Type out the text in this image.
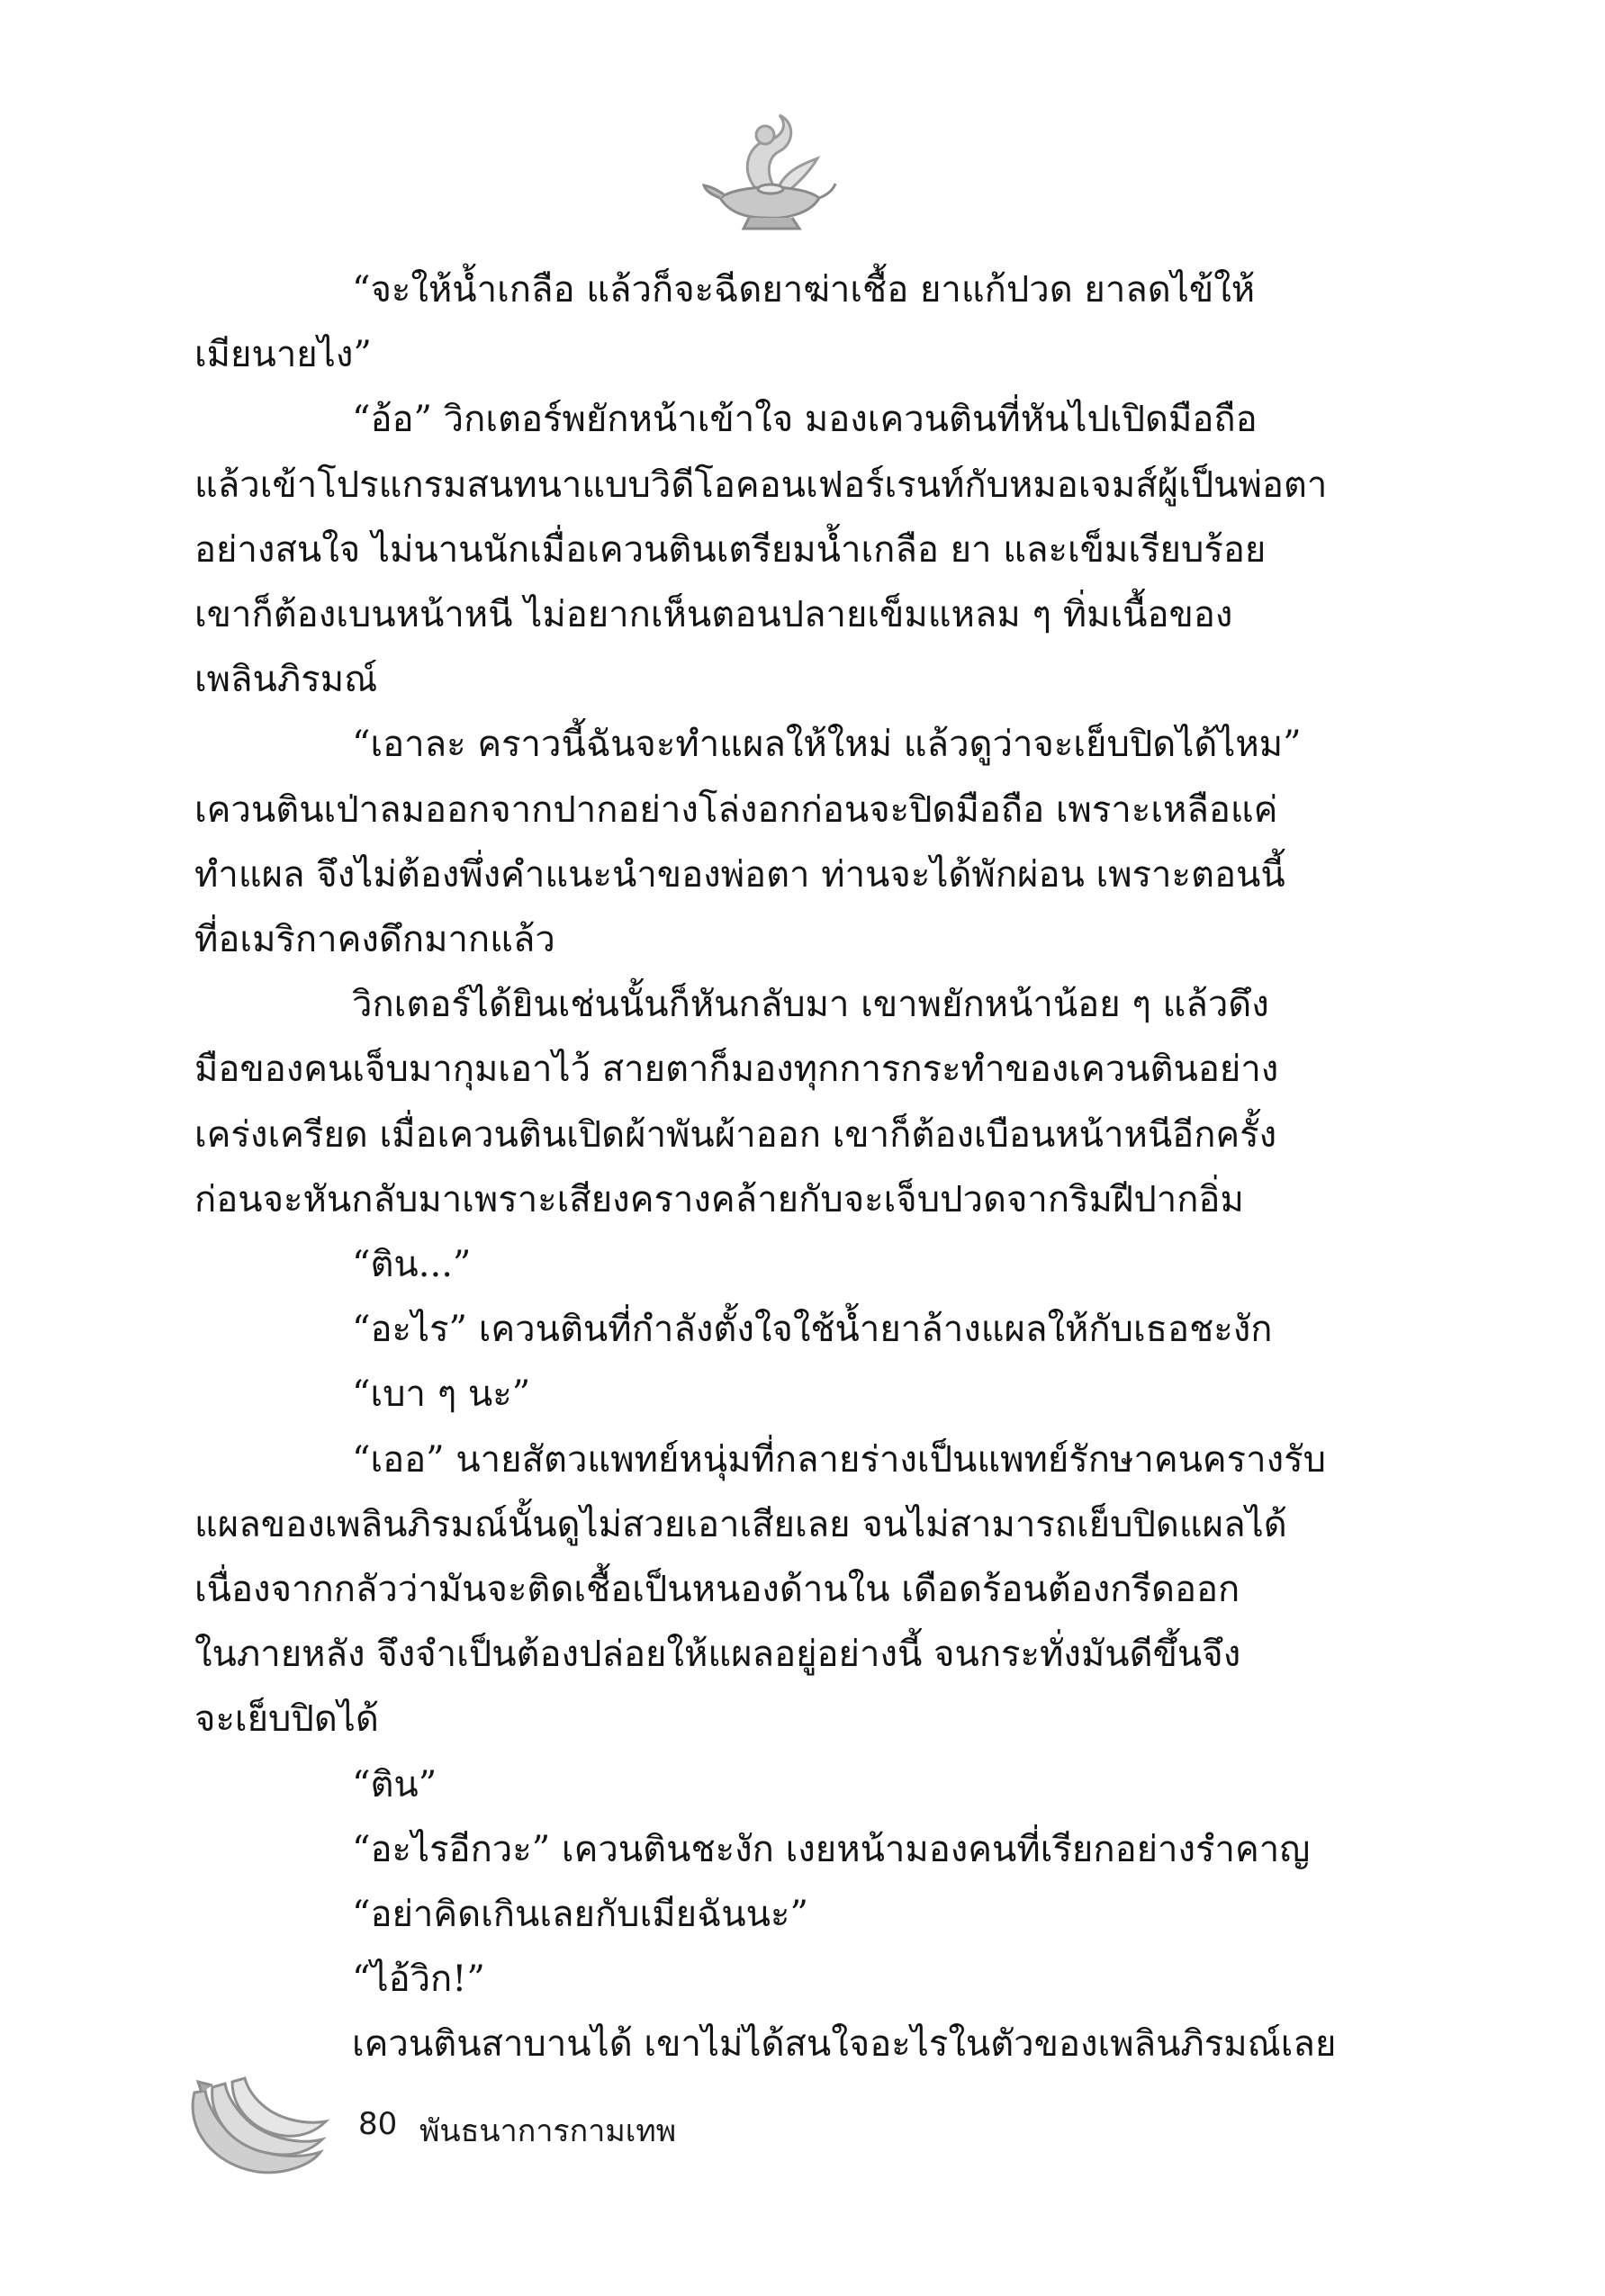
“จะให้น้ำเกลือ แล้วก็จะฉีดยาฆ่าเชื้อ ยาแก้ปวด ยาลดไข้ให้
เมียนายไง”
“อ้อ” วิกเตอร์พยักหน้าเข้าใจ มองเควนตินที่หันไปเปิดมือถือ
แล้วเข้าโปรแกรมสนทนาแบบวิดีโอคอนเฟอร์เรนท์กับหมอเจมส์ผู้เป็นพ่อตา
อย่างสนใจ ไม่นานนักเมื่อเควนตินเตรียมน้ำเกลือ ยา และเข็มเรียบร้อย
เขาก็ต้องเบนหน้าหนี ไม่อยากเห็นตอนปลายเข็มแหลม ๆ ทิ่มเนื้อของ
เพลินภิรมณ์
“เอาละ คราวนี้ฉันจะทำแผลให้ใหม่ แล้วดูว่าจะเย็บปิดได้ไหม”
เควนตินเป่าลมออกจากปากอย่างโล่งอกก่อนจะปิดมือถือ เพราะเหลือแค่
ทำแผล จึงไม่ต้องพึ่งคำแนะนำของพ่อตา ท่านจะได้พักผ่อน เพราะตอนนี้
ที่อเมริกาคงดึกมากแล้ว
วิกเตอร์ได้ยินเช่นนั้นก็หันกลับมา เขาพยักหน้าน้อย ๆ แล้วดึง
มือของคนเจ็บมากุมเอาไว้ สายตาก็มองทุกการกระทำของเควนตินอย่าง
เคร่งเครียด เมื่อเควนตินเปิดผ้าพันผ้าออก เขาก็ต้องเบือนหน้าหนีอีกครั้ง
ก่อนจะหันกลับมาเพราะเสียงครางคล้ายกับจะเจ็บปวดจากริมฝีปากอิ่ม
“ติน...”
“อะไร” เควนตินที่กำลังตั้งใจใช้น้ำยาล้างแผลให้กับเธอชะงัก
“เบา ๆ นะ”
“เออ” นายสัตวแพทย์หนุ่มที่กลายร่างเป็นแพทย์รักษาคนครางรับ
แผลของเพลินภิรมณ์นั้นดูไม่สวยเอาเสียเลย จนไม่สามารถเย็บปิดแผลได้
เนื่องจากกลัวว่ามันจะติดเชื้อเป็นหนองด้านใน เดือดร้อนต้องกรีดออก
ในภายหลัง จึงจำเป็นต้องปล่อยให้แผลอยู่อย่างนี้ จนกระทั่งมันดีขึ้นจึง
จะเย็บปิดได้
“ติน”
“อะไรอีกวะ” เควนตินชะงัก เงยหน้ามองคนที่เรียกอย่างรำคาญ
“อย่าคิดเกินเลยกับเมียฉันนะ”
“ไอ้วิก!”
เควนตินสาบานได้ เขาไม่ได้สนใจอะไรในตัวของเพลินภิรมณ์เลย
80 พันธนาการกามเทพ
